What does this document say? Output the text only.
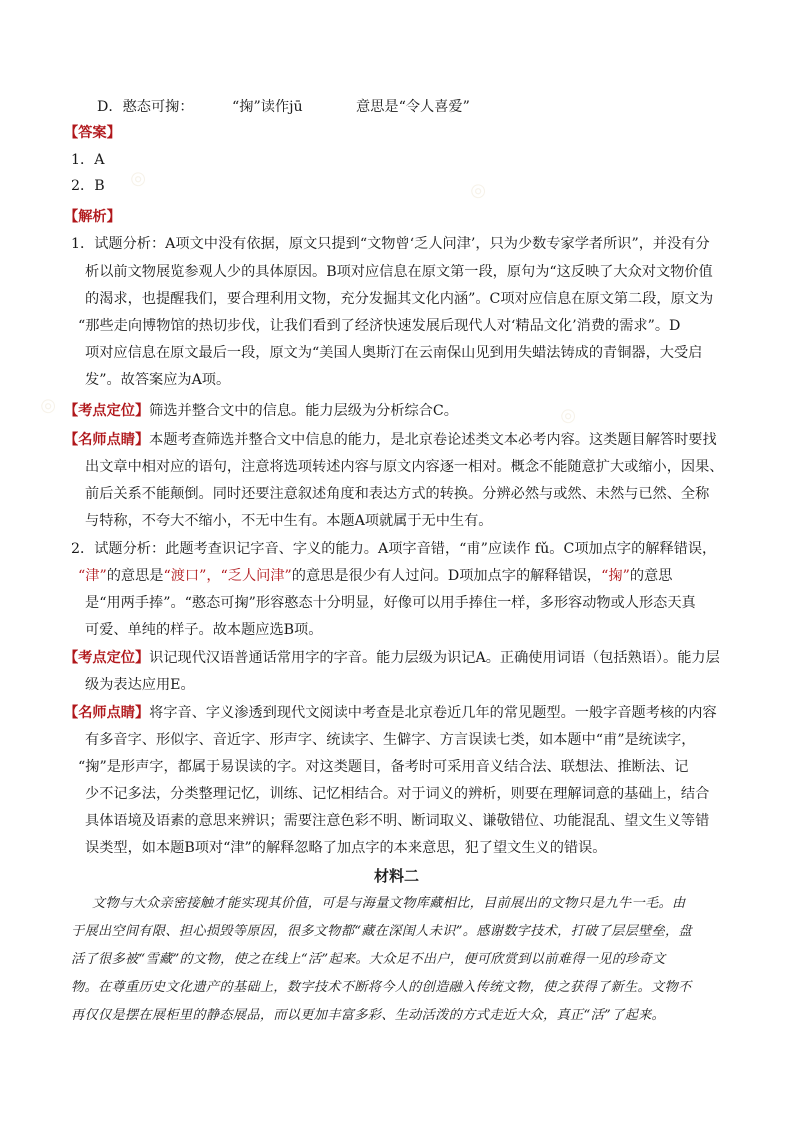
◎	◎
◎	◎
D．憨态可掬：	“掬”读作jū	意思是“令人喜爱”
【答案】
1．A
2．B
【解析】
1．试题分析：A项文中没有依据，原文只提到“文物曾‘乏人问津’，只为少数专家学者所识”，并没有分
析以前文物展览参观人少的具体原因。B项对应信息在原文第一段，原句为“这反映了大众对文物价值
的渴求，也提醒我们，要合理利用文物，充分发掘其文化内涵”。C项对应信息在原文第二段，原文为
“那些走向博物馆的热切步伐，让我们看到了经济快速发展后现代人对‘精品文化’消费的需求”。D
项对应信息在原文最后一段，原文为“美国人奥斯汀在云南保山见到用失蜡法铸成的青铜器，大受启
发”。故答案应为A项。
【考点定位】筛选并整合文中的信息。能力层级为分析综合C。
【名师点睛】本题考查筛选并整合文中信息的能力，是北京卷论述类文本必考内容。这类题目解答时要找
出文章中相对应的语句，注意将选项转述内容与原文内容逐一相对。概念不能随意扩大或缩小，因果、
前后关系不能颠倒。同时还要注意叙述角度和表达方式的转换。分辨必然与或然、未然与已然、全称
与特称，不夸大不缩小，不无中生有。本题A项就属于无中生有。
2．试题分析：此题考查识记字音、字义的能力。A项字音错，“甫”应读作 fǔ。C项加点字的解释错误，
“津”的意思是“渡口”，“乏人问津”的意思是很少有人过问。D项加点字的解释错误，“掬”的意思
是“用两手捧”。“憨态可掬”形容憨态十分明显，好像可以用手捧住一样，多形容动物或人形态天真
可爱、单纯的样子。故本题应选B项。
【考点定位】识记现代汉语普通话常用字的字音。能力层级为识记A。正确使用词语（包括熟语）。能力层
级为表达应用E。
【名师点睛】将字音、字义渗透到现代文阅读中考查是北京卷近几年的常见题型。一般字音题考核的内容
有多音字、形似字、音近字、形声字、统读字、生僻字、方言误读七类，如本题中“甫”是统读字，
“掬”是形声字，都属于易误读的字。对这类题目，备考时可采用音义结合法、联想法、推断法、记
少不记多法，分类整理记忆，训练、记忆相结合。对于词义的辨析，则要在理解词意的基础上，结合
具体语境及语素的意思来辨识；需要注意色彩不明、断词取义、谦敬错位、功能混乱、望文生义等错
误类型，如本题B项对“津”的解释忽略了加点字的本来意思，犯了望文生义的错误。
材料二
文物与大众亲密接触才能实现其价值，可是与海量文物库藏相比，目前展出的文物只是九牛一毛。由
于展出空间有限、担心损毁等原因，很多文物都“藏在深闺人未识”。感谢数字技术，打破了层层壁垒，盘
活了很多被“雪藏”的文物，使之在线上“活”起来。大众足不出户，便可欣赏到以前难得一见的珍奇文
物。在尊重历史文化遗产的基础上，数字技术不断将今人的创造融入传统文物，使之获得了新生。文物不
再仅仅是摆在展柜里的静态展品，而以更加丰富多彩、生动活泼的方式走近大众，真正“活”了起来。
